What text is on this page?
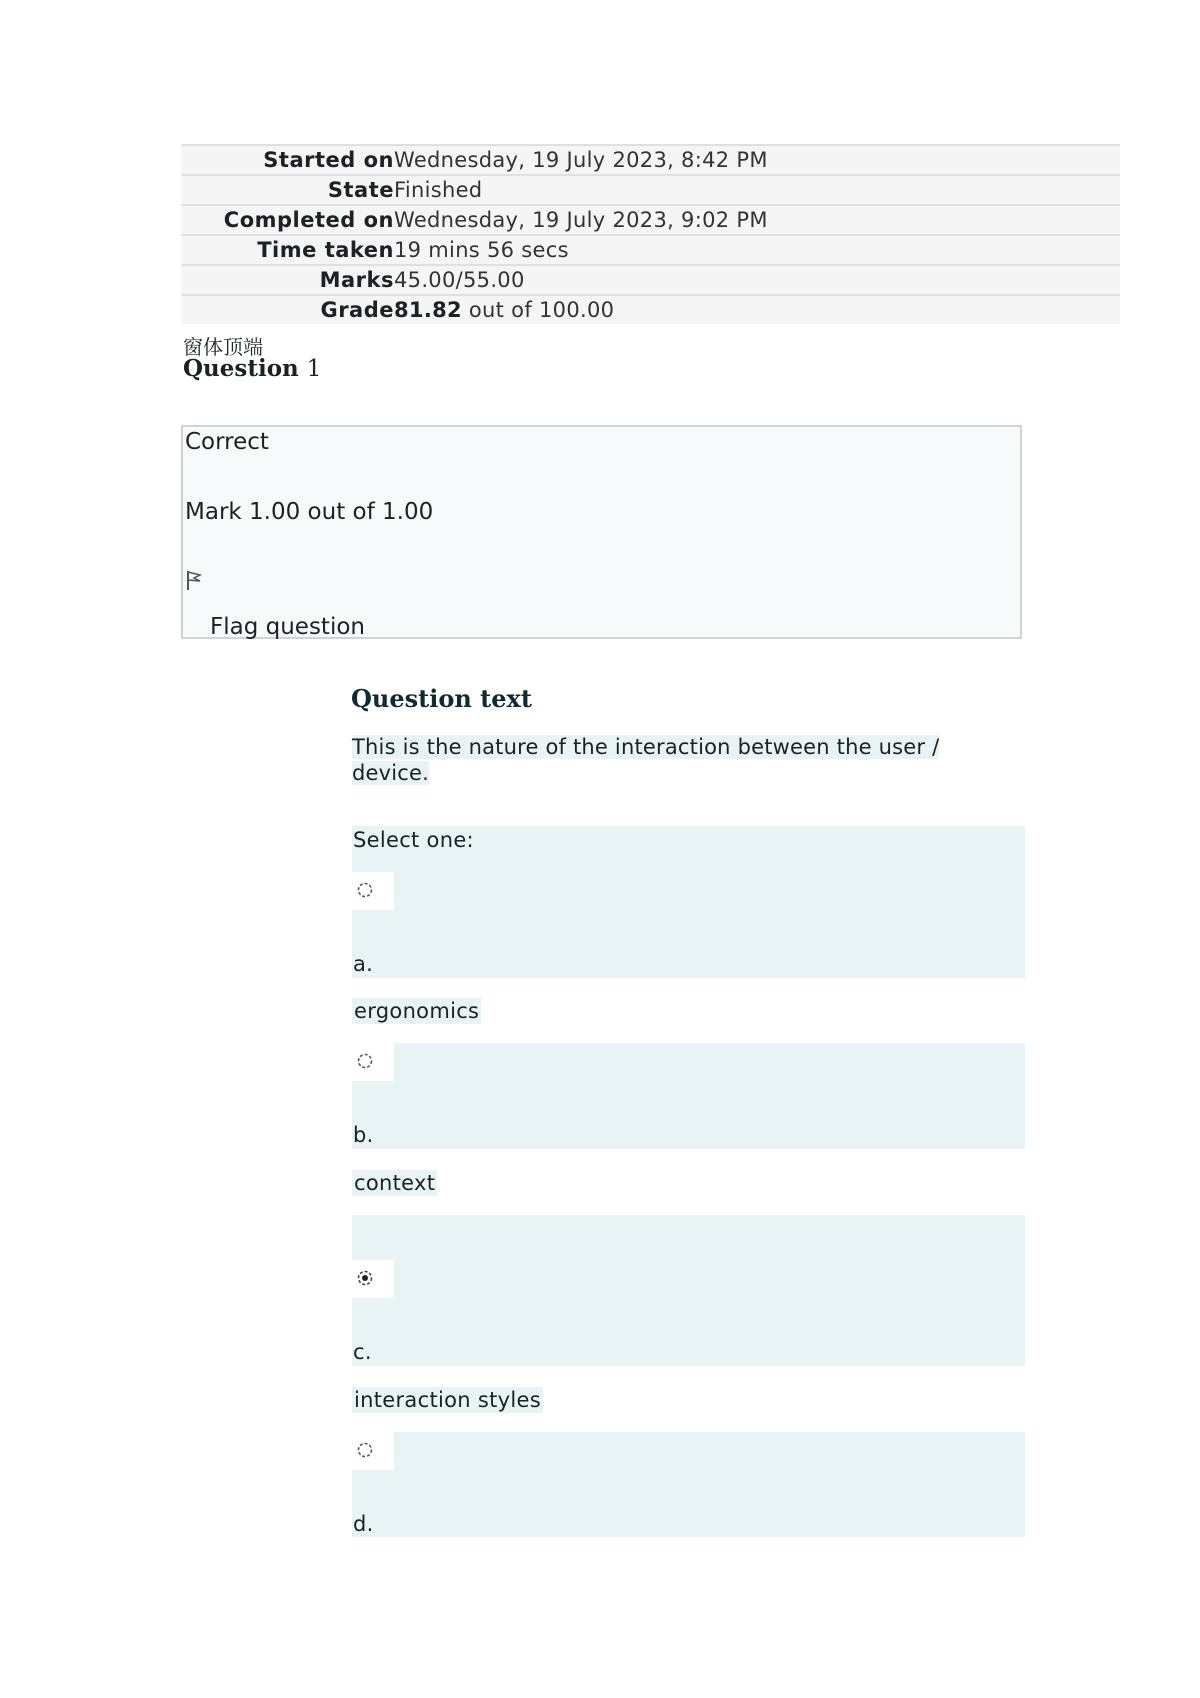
Started on	Wednesday, 19 July 2023, 8:42 PM
State	Finished
Completed on	Wednesday, 19 July 2023, 9:02 PM
Time taken	19 mins 56 secs
Marks	45.00/55.00
Grade	81.82 out of 100.00
窗体顶端
Question 1
Correct
Mark 1.00 out of 1.00
Flag question
Question text
This is the nature of the interaction between the user / device.
Select one:
a.
ergonomics
b.
context
c.
interaction styles
d.
